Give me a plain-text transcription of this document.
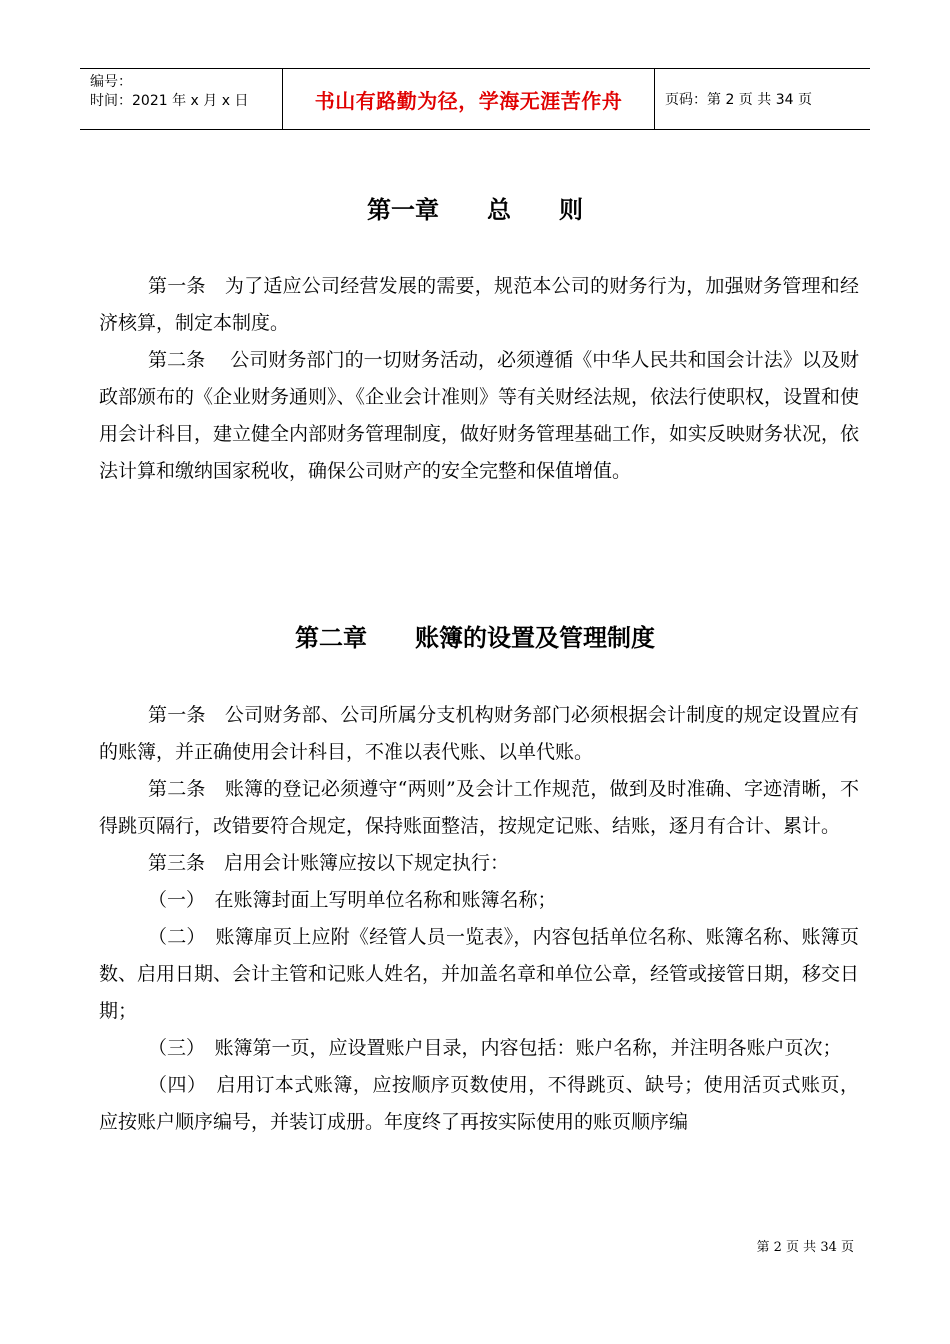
编号：
时间：2021 年 x 月 x 日	书山有路勤为径，学海无涯苦作舟	页码：第 2 页 共 34 页
第一章　　总　　则

第一条　为了适应公司经营发展的需要，规范本公司的财务行为，加强财务管理和经济核算，制定本制度。

第二条　 公司财务部门的一切财务活动，必须遵循《中华人民共和国会计法》以及财政部颁布的《企业财务通则》、《企业会计准则》等有关财经法规，依法行使职权，设置和使用会计科目，建立健全内部财务管理制度，做好财务管理基础工作，如实反映财务状况，依法计算和缴纳国家税收，确保公司财产的安全完整和保值增值。

第二章　　账簿的设置及管理制度

第一条　公司财务部、公司所属分支机构财务部门必须根据会计制度的规定设置应有的账簿，并正确使用会计科目，不准以表代账、以单代账。

第二条　账簿的登记必须遵守“两则”及会计工作规范，做到及时准确、字迹清晰，不得跳页隔行，改错要符合规定，保持账面整洁，按规定记账、结账，逐月有合计、累计。

第三条　启用会计账簿应按以下规定执行：

（一）　在账簿封面上写明单位名称和账簿名称；

（二）　账簿扉页上应附《经管人员一览表》，内容包括单位名称、账簿名称、账簿页数、启用日期、会计主管和记账人姓名，并加盖名章和单位公章，经管或接管日期，移交日期；

（三）　账簿第一页，应设置账户目录，内容包括：账户名称，并注明各账户页次；

（四）　启用订本式账簿，应按顺序页数使用，不得跳页、缺号；使用活页式账页，应按账户顺序编号，并装订成册。年度终了再按实际使用的账页顺序编

第 2 页 共 34 页
